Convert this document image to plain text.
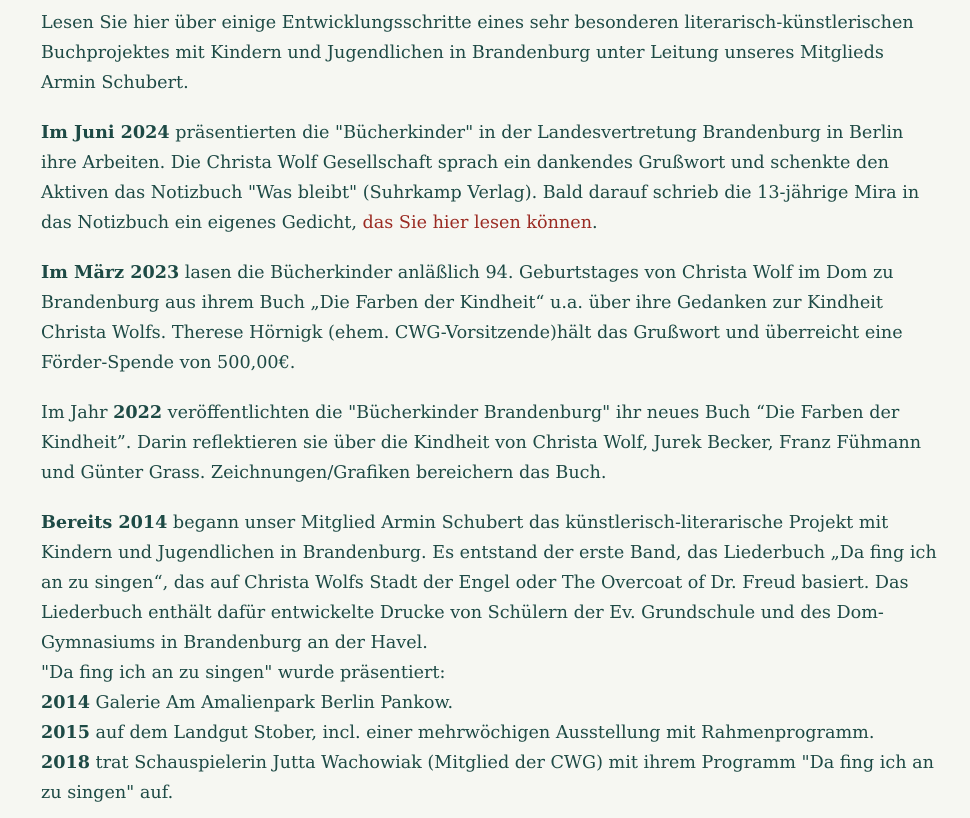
Lesen Sie hier über einige Entwicklungsschritte eines sehr besonderen literarisch-künstlerischen Buchprojektes mit Kindern und Jugendlichen in Brandenburg unter Leitung unseres Mitglieds Armin Schubert.

Im Juni 2024 präsentierten die "Bücherkinder" in der Landesvertretung Brandenburg in Berlin ihre Arbeiten. Die Christa Wolf Gesellschaft sprach ein dankendes Grußwort und schenkte den Aktiven das Notizbuch "Was bleibt" (Suhrkamp Verlag). Bald darauf schrieb die 13-jährige Mira in das Notizbuch ein eigenes Gedicht, das Sie hier lesen können.

Im März 2023 lasen die Bücherkinder anläßlich 94. Geburtstages von Christa Wolf im Dom zu Brandenburg aus ihrem Buch „Die Farben der Kindheit“ u.a. über ihre Gedanken zur Kindheit Christa Wolfs. Therese Hörnigk (ehem. CWG-Vorsitzende)hält das Grußwort und überreicht eine Förder-Spende von 500,00€.

Im Jahr 2022 veröffentlichten die "Bücherkinder Brandenburg" ihr neues Buch “Die Farben der Kindheit”. Darin reflektieren sie über die Kindheit von Christa Wolf, Jurek Becker, Franz Fühmann und Günter Grass. Zeichnungen/Grafiken bereichern das Buch.

Bereits 2014 begann unser Mitglied Armin Schubert das künstlerisch-literarische Projekt mit Kindern und Jugendlichen in Brandenburg. Es entstand der erste Band, das Liederbuch „Da fing ich an zu singen“, das auf Christa Wolfs Stadt der Engel oder The Overcoat of Dr. Freud basiert. Das Liederbuch enthält dafür entwickelte Drucke von Schülern der Ev. Grundschule und des Dom-Gymnasiums in Brandenburg an der Havel.
"Da fing ich an zu singen" wurde präsentiert:
2014 Galerie Am Amalienpark Berlin Pankow.
2015 auf dem Landgut Stober, incl. einer mehrwöchigen Ausstellung mit Rahmenprogramm.
2018 trat Schauspielerin Jutta Wachowiak (Mitglied der CWG) mit ihrem Programm "Da fing ich an zu singen" auf.
